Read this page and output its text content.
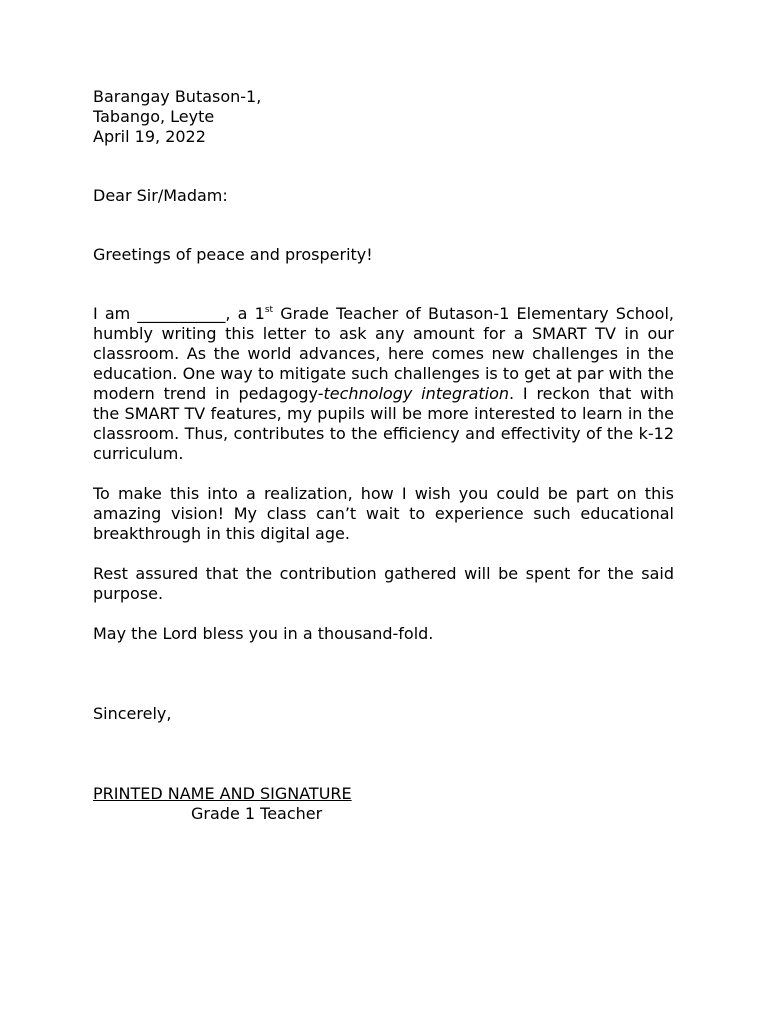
Barangay Butason-1,
Tabango, Leyte
April 19, 2022

Dear Sir/Madam:

Greetings of peace and prosperity!

I am ___________, a 1st Grade Teacher of Butason-1 Elementary School, humbly writing this letter to ask any amount for a SMART TV in our classroom. As the world advances, here comes new challenges in the education. One way to mitigate such challenges is to get at par with the modern trend in pedagogy-technology integration. I reckon that with the SMART TV features, my pupils will be more interested to learn in the classroom. Thus, contributes to the efficiency and effectivity of the k-12 curriculum.

To make this into a realization, how I wish you could be part on this amazing vision! My class can’t wait to experience such educational breakthrough in this digital age.

Rest assured that the contribution gathered will be spent for the said purpose.

May the Lord bless you in a thousand-fold.

Sincerely,

PRINTED NAME AND SIGNATURE
Grade 1 Teacher
